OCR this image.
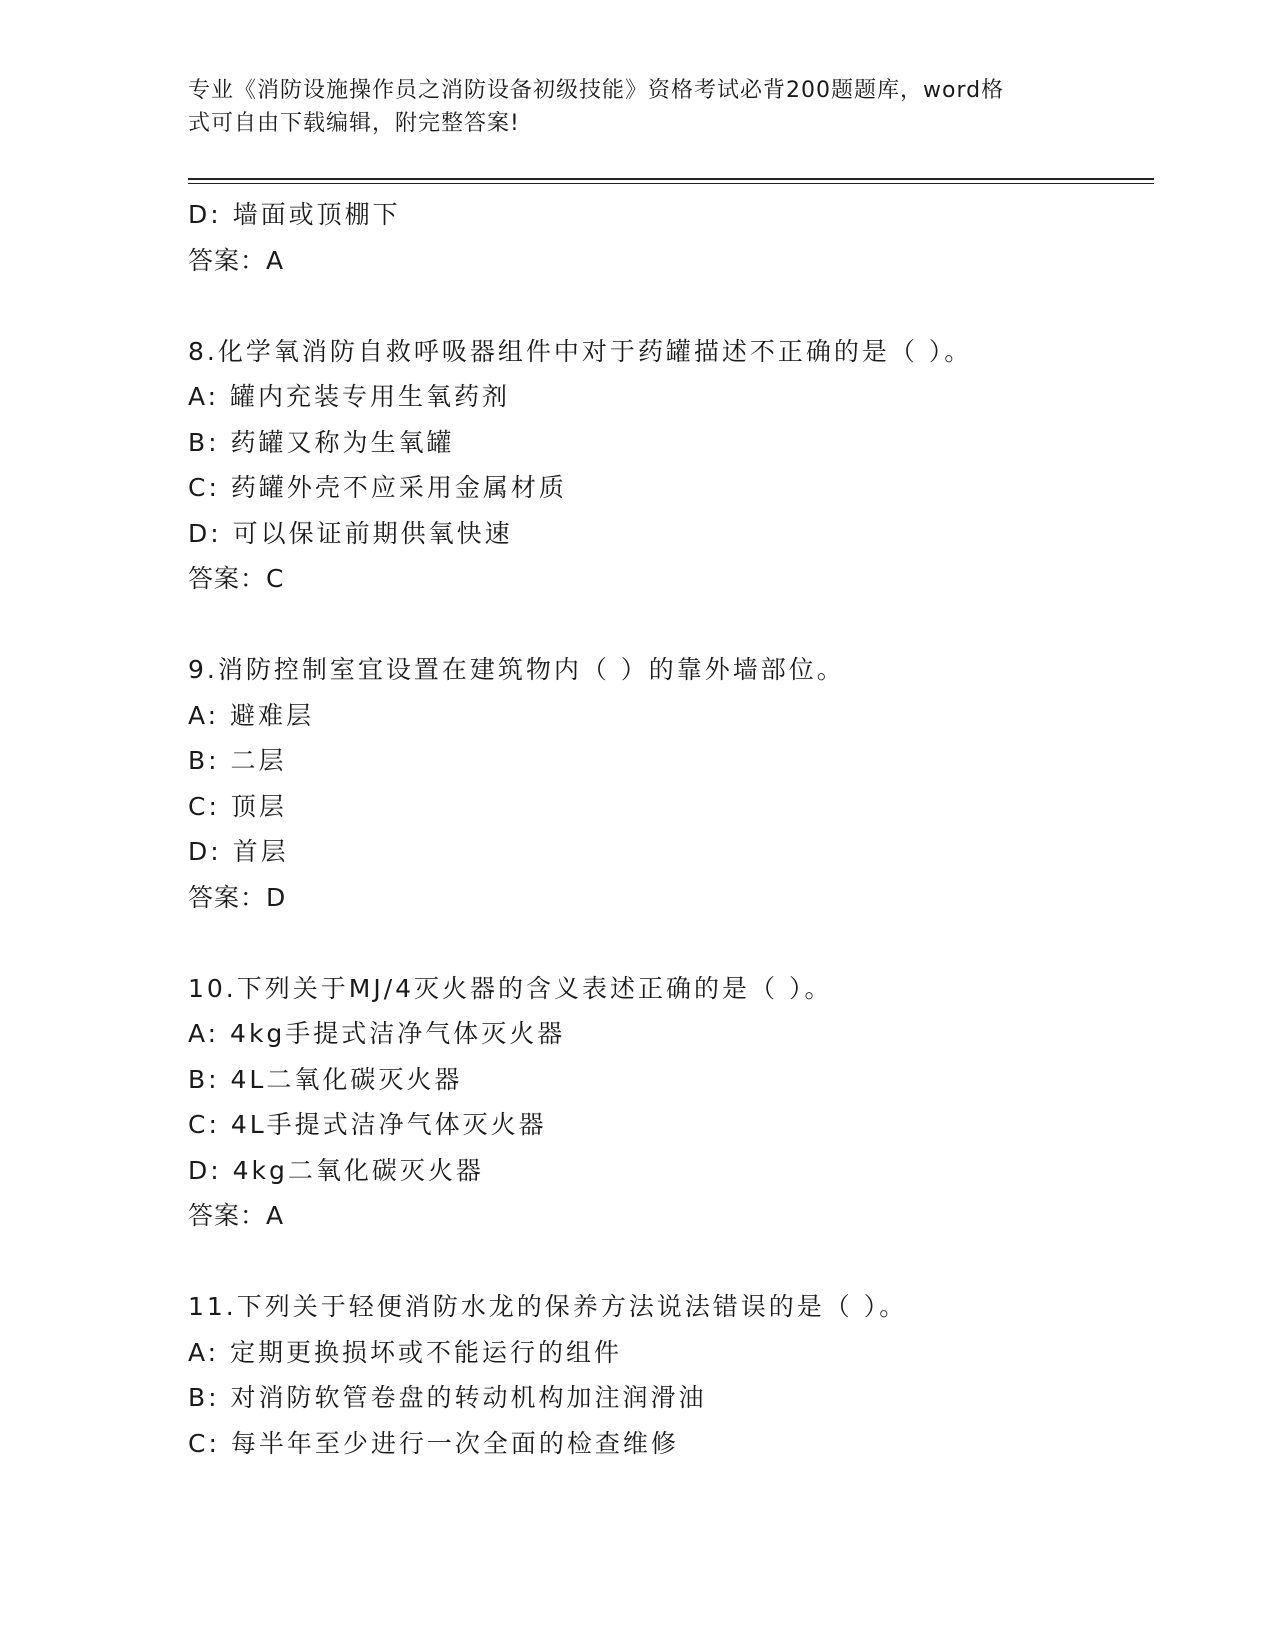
专业《消防设施操作员之消防设备初级技能》资格考试必背200题题库，word格
式可自由下载编辑，附完整答案!
D: 墙面或顶棚下
答案：A
8.化学氧消防自救呼吸器组件中对于药罐描述不正确的是（ ）。
A: 罐内充装专用生氧药剂
B: 药罐又称为生氧罐
C: 药罐外壳不应采用金属材质
D: 可以保证前期供氧快速
答案：C
9.消防控制室宜设置在建筑物内（ ）的靠外墙部位。
A: 避难层
B: 二层
C: 顶层
D: 首层
答案：D
10.下列关于MJ/4灭火器的含义表述正确的是（ ）。
A: 4kg手提式洁净气体灭火器
B: 4L二氧化碳灭火器
C: 4L手提式洁净气体灭火器
D: 4kg二氧化碳灭火器
答案：A
11.下列关于轻便消防水龙的保养方法说法错误的是（ ）。
A: 定期更换损坏或不能运行的组件
B: 对消防软管卷盘的转动机构加注润滑油
C: 每半年至少进行一次全面的检查维修
